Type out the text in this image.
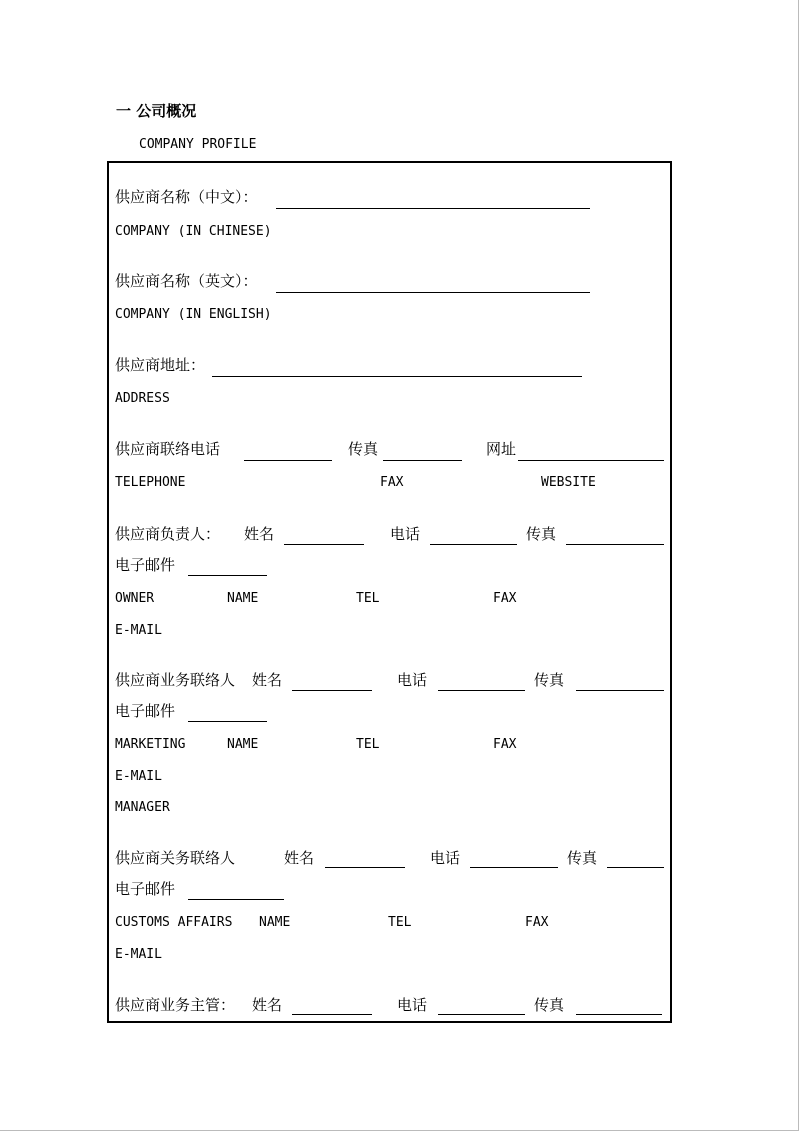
一 公司概况
COMPANY PROFILE
供应商名称（中文）：
COMPANY (IN CHINESE)
供应商名称（英文）：
COMPANY (IN ENGLISH)
供应商地址：
ADDRESS
供应商联络电话	传真	网址
TELEPHONE	FAX	WEBSITE
供应商负责人： 姓名	电话	传真
电子邮件
OWNER	NAME	TEL	FAX
E-MAIL
供应商业务联络人 姓名	电话	传真
电子邮件
MARKETING	NAME	TEL	FAX
E-MAIL
MANAGER
供应商关务联络人	姓名	电话	传真
电子邮件
CUSTOMS AFFAIRS NAME	TEL	FAX
E-MAIL
供应商业务主管： 姓名	电话	传真
